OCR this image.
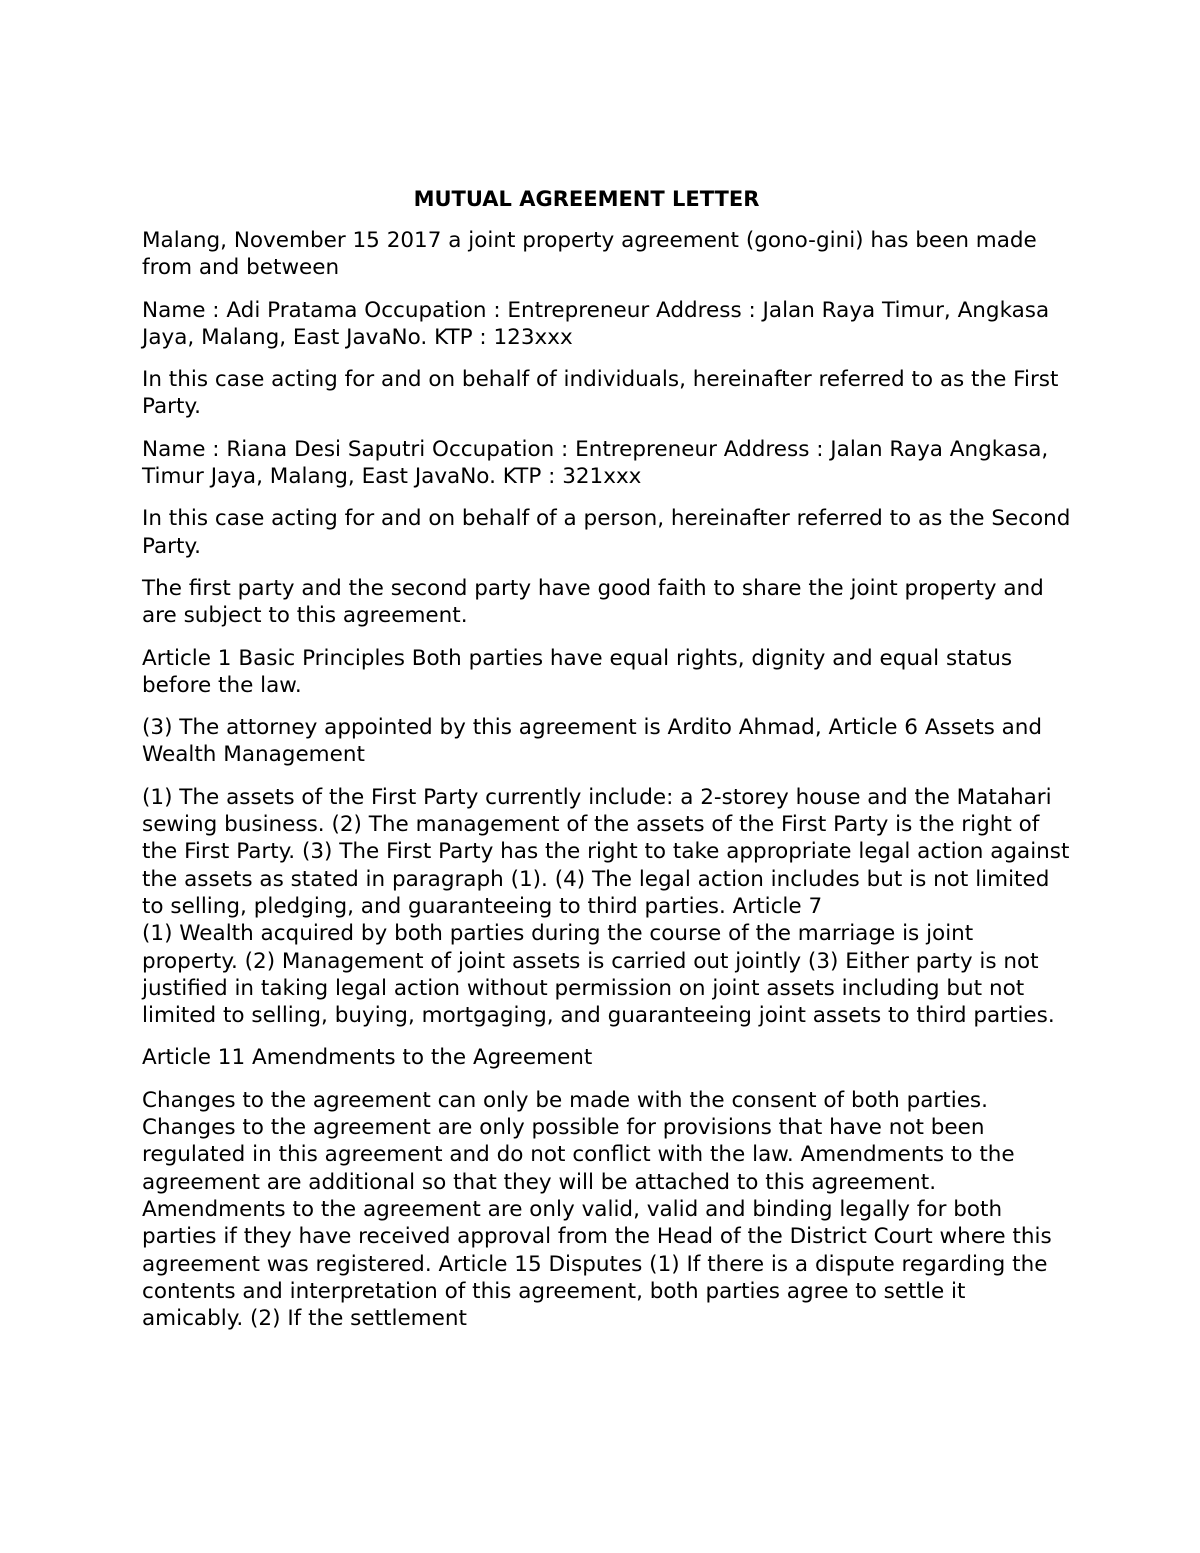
MUTUAL AGREEMENT LETTER

Malang, November 15 2017 a joint property agreement (gono-gini) has been made from and between

Name : Adi Pratama Occupation : Entrepreneur Address : Jalan Raya Timur, Angkasa Jaya, Malang, East JavaNo. KTP : 123xxx

In this case acting for and on behalf of individuals, hereinafter referred to as the First Party.

Name : Riana Desi Saputri Occupation : Entrepreneur Address : Jalan Raya Angkasa, Timur Jaya, Malang, East JavaNo. KTP : 321xxx

In this case acting for and on behalf of a person, hereinafter referred to as the Second Party.

The first party and the second party have good faith to share the joint property and are subject to this agreement.

Article 1 Basic Principles Both parties have equal rights, dignity and equal status before the law.

(3) The attorney appointed by this agreement is Ardito Ahmad, Article 6 Assets and Wealth Management

(1) The assets of the First Party currently include: a 2-storey house and the Matahari sewing business. (2) The management of the assets of the First Party is the right of the First Party. (3) The First Party has the right to take appropriate legal action against the assets as stated in paragraph (1). (4) The legal action includes but is not limited to selling, pledging, and guaranteeing to third parties. Article 7

(1) Wealth acquired by both parties during the course of the marriage is joint property. (2) Management of joint assets is carried out jointly (3) Either party is not justified in taking legal action without permission on joint assets including but not limited to selling, buying, mortgaging, and guaranteeing joint assets to third parties.

Article 11 Amendments to the Agreement

Changes to the agreement can only be made with the consent of both parties. Changes to the agreement are only possible for provisions that have not been regulated in this agreement and do not conflict with the law. Amendments to the agreement are additional so that they will be attached to this agreement. Amendments to the agreement are only valid, valid and binding legally for both parties if they have received approval from the Head of the District Court where this agreement was registered. Article 15 Disputes (1) If there is a dispute regarding the contents and interpretation of this agreement, both parties agree to settle it amicably. (2) If the settlement
